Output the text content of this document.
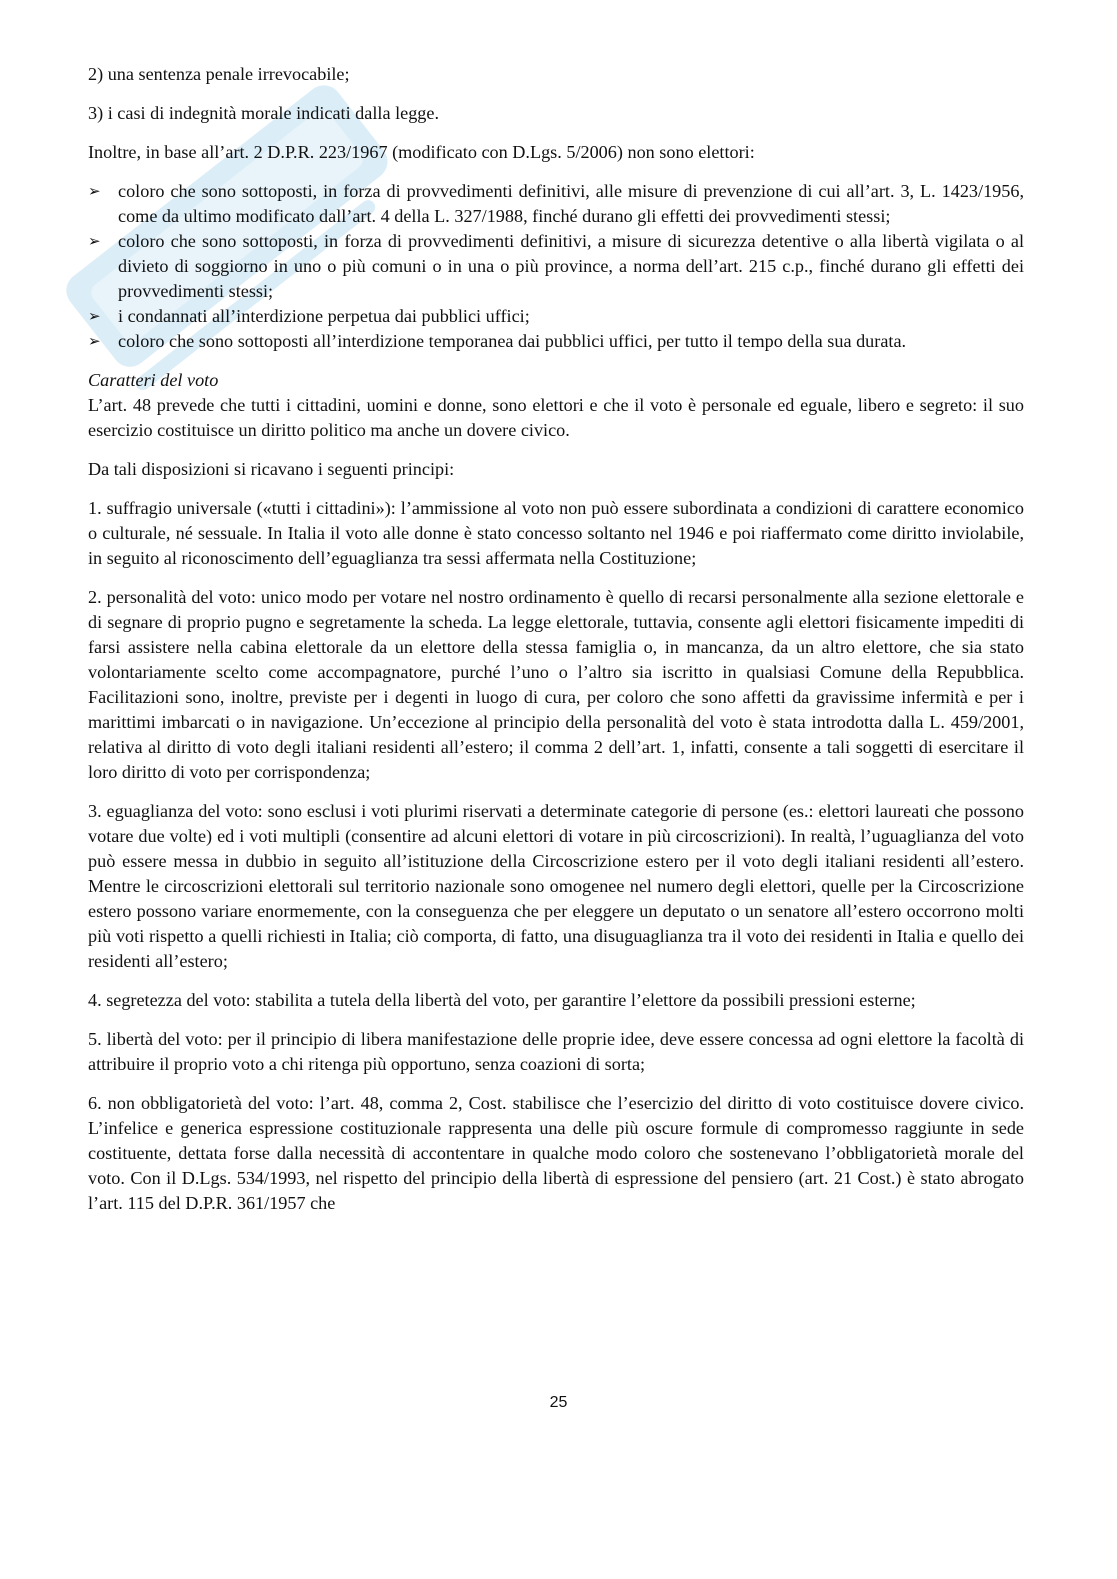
2) una sentenza penale irrevocabile;

3) i casi di indegnità morale indicati dalla legge.

Inoltre, in base all’art. 2 D.P.R. 223/1967 (modificato con D.Lgs. 5/2006) non sono elettori:

➢ coloro che sono sottoposti, in forza di provvedimenti definitivi, alle misure di prevenzione di cui all’art. 3, L. 1423/1956, come da ultimo modificato dall’art. 4 della L. 327/1988, finché durano gli effetti dei provvedimenti stessi;
➢ coloro che sono sottoposti, in forza di provvedimenti definitivi, a misure di sicurezza detentive o alla libertà vigilata o al divieto di soggiorno in uno o più comuni o in una o più province, a norma dell’art. 215 c.p., finché durano gli effetti dei provvedimenti stessi;
➢ i condannati all’interdizione perpetua dai pubblici uffici;
➢ coloro che sono sottoposti all’interdizione temporanea dai pubblici uffici, per tutto il tempo della sua durata.

Caratteri del voto

L’art. 48 prevede che tutti i cittadini, uomini e donne, sono elettori e che il voto è personale ed eguale, libero e segreto: il suo esercizio costituisce un diritto politico ma anche un dovere civico.

Da tali disposizioni si ricavano i seguenti principi:

1. suffragio universale («tutti i cittadini»): l’ammissione al voto non può essere subordinata a condizioni di carattere economico o culturale, né sessuale. In Italia il voto alle donne è stato concesso soltanto nel 1946 e poi riaffermato come diritto inviolabile, in seguito al riconoscimento dell’eguaglianza tra sessi affermata nella Costituzione;

2. personalità del voto: unico modo per votare nel nostro ordinamento è quello di recarsi personalmente alla sezione elettorale e di segnare di proprio pugno e segretamente la scheda. La legge elettorale, tuttavia, consente agli elettori fisicamente impediti di farsi assistere nella cabina elettorale da un elettore della stessa famiglia o, in mancanza, da un altro elettore, che sia stato volontariamente scelto come accompagnatore, purché l’uno o l’altro sia iscritto in qualsiasi Comune della Repubblica. Facilitazioni sono, inoltre, previste per i degenti in luogo di cura, per coloro che sono affetti da gravissime infermità e per i marittimi imbarcati o in navigazione. Un’eccezione al principio della personalità del voto è stata introdotta dalla L. 459/2001, relativa al diritto di voto degli italiani residenti all’estero; il comma 2 dell’art. 1, infatti, consente a tali soggetti di esercitare il loro diritto di voto per corrispondenza;

3. eguaglianza del voto: sono esclusi i voti plurimi riservati a determinate categorie di persone (es.: elettori laureati che possono votare due volte) ed i voti multipli (consentire ad alcuni elettori di votare in più circoscrizioni). In realtà, l’uguaglianza del voto può essere messa in dubbio in seguito all’istituzione della Circoscrizione estero per il voto degli italiani residenti all’estero. Mentre le circoscrizioni elettorali sul territorio nazionale sono omogenee nel numero degli elettori, quelle per la Circoscrizione estero possono variare enormemente, con la conseguenza che per eleggere un deputato o un senatore all’estero occorrono molti più voti rispetto a quelli richiesti in Italia; ciò comporta, di fatto, una disuguaglianza tra il voto dei residenti in Italia e quello dei residenti all’estero;

4. segretezza del voto: stabilita a tutela della libertà del voto, per garantire l’elettore da possibili pressioni esterne;

5. libertà del voto: per il principio di libera manifestazione delle proprie idee, deve essere concessa ad ogni elettore la facoltà di attribuire il proprio voto a chi ritenga più opportuno, senza coazioni di sorta;

6. non obbligatorietà del voto: l’art. 48, comma 2, Cost. stabilisce che l’esercizio del diritto di voto costituisce dovere civico. L’infelice e generica espressione costituzionale rappresenta una delle più oscure formule di compromesso raggiunte in sede costituente, dettata forse dalla necessità di accontentare in qualche modo coloro che sostenevano l’obbligatorietà morale del voto. Con il D.Lgs. 534/1993, nel rispetto del principio della libertà di espressione del pensiero (art. 21 Cost.) è stato abrogato l’art. 115 del D.P.R. 361/1957 che

25
